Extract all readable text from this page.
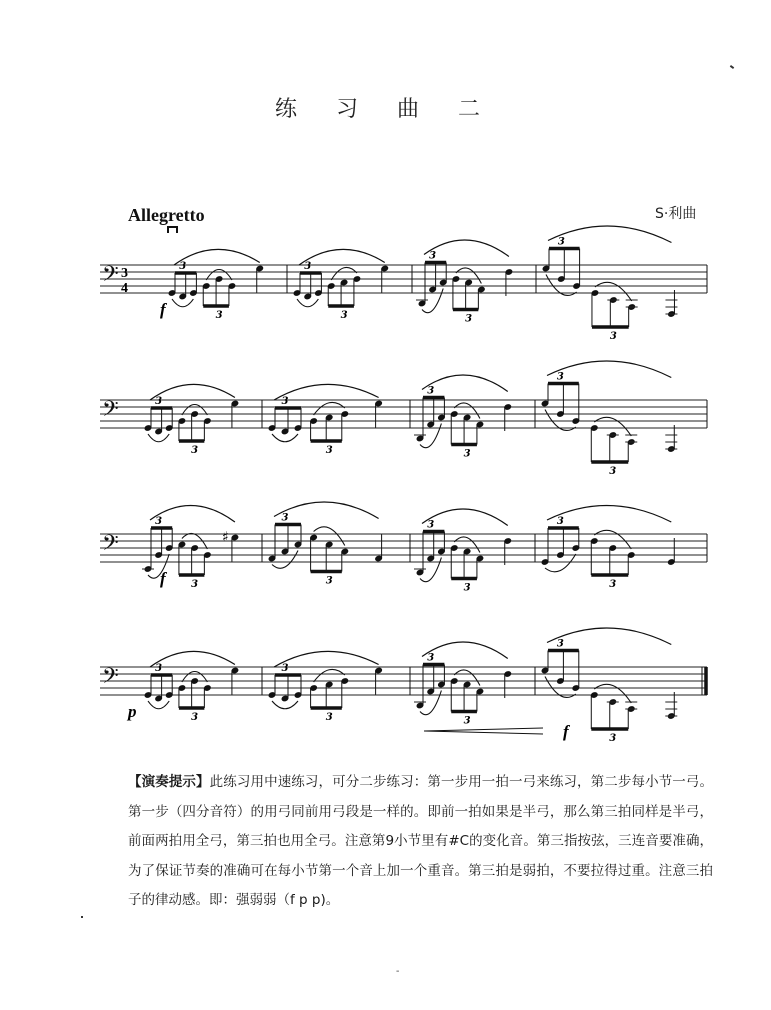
练 习 曲 二
Allegretto	S·利曲
𝄢 3
4
3
3
3
3
3
3
3
3
f
𝄢	3
3
3
3
3
3
3
3
𝄢
3
3
♯
3
3
3
3
3
3
f
𝄢	3
3
3
3
3
3
3
3
p
f
【演奏提示】此练习用中速练习，可分二步练习：第一步用一拍一弓来练习，第二步每小节一弓。第一步（四分音符）的用弓同前用弓段是一样的。即前一拍如果是半弓，那么第三拍同样是半弓，前面两拍用全弓，第三拍也用全弓。注意第9小节里有#C的变化音。第三指按弦，三连音要准确，为了保证节奏的准确可在每小节第一个音上加一个重音。第三拍是弱拍，不要拉得过重。注意三拍子的律动感。即：强弱弱（f p p)。
-
